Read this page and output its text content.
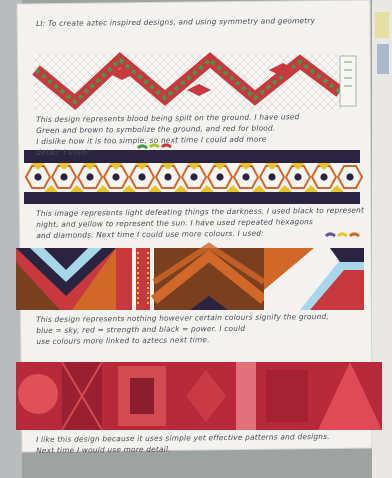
LI: To create aztec inspired designs, and using symmetry and geometry
This design represents blood being spilt on the ground. I have used
Green and brown to symbolize the ground, and red for blood.
I dislike how it is too simple, so next time I could add more
detail. I used:
This image represents light defeating things the darkness. I used black to represent
night, and yellow to represent the sun. I have used repeated hexagons
and diamonds. Next time I could use more colours. I used:
This design represents nothing however certain colours signify the ground,
blue = sky, red = strength and black = power. I could
use colours more linked to aztecs next time.
I like this design because it uses simple yet effective patterns and designs.
Next time I would use more detail.
